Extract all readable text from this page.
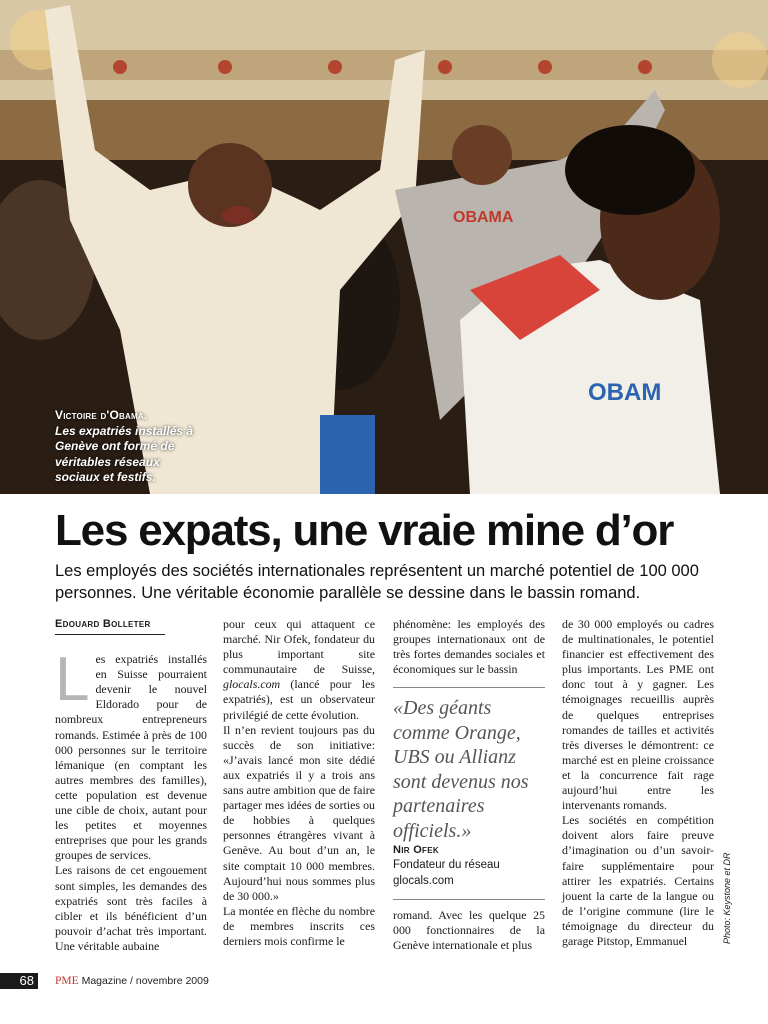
OBAMA
OBAM
Victoire d'Obama.
Les expatriés installés à Genève ont formé de véritables réseaux sociaux et festifs.
Les expats, une vraie mine d’or

Les employés des sociétés internationales représentent un marché potentiel de 100 000 personnes. Une véritable économie parallèle se dessine dans le bassin romand.

Edouard Bolleter

Les expatriés installés en Suisse pourraient devenir le nouvel Eldorado pour de nombreux entrepreneurs romands. Estimée à près de 100 000 personnes sur le territoire lémanique (en comptant les autres membres des familles), cette population est devenue une cible de choix, autant pour les petites et moyennes entreprises que pour les grands groupes de services.

Les raisons de cet engouement sont simples, les demandes des expatriés sont très faciles à cibler et ils bénéficient d’un pouvoir d’achat très important. Une véritable aubaine

pour ceux qui attaquent ce marché. Nir Ofek, fondateur du plus important site communautaire de Suisse, glocals.com (lancé pour les expatriés), est un observateur privilégié de cette évolution.

Il n’en revient toujours pas du succès de son initiative: «J’avais lancé mon site dédié aux expatriés il y a trois ans sans autre ambition que de faire partager mes idées de sorties ou de hobbies à quelques personnes étrangères vivant à Genève. Au bout d’un an, le site comptait 10 000 membres. Aujourd’hui nous sommes plus de 30 000.»

La montée en flèche du nombre de membres inscrits ces derniers mois confirme le

phénomène: les employés des groupes internationaux ont de très fortes demandes sociales et économiques sur le bassin

«Des géants comme Orange, UBS ou Allianz sont devenus nos partenaires officiels.»

Nir Ofek
Fondateur du réseau glocals.com

romand. Avec les quelque 25 000 fonctionnaires de la Genève internationale et plus

de 30 000 employés ou cadres de multinationales, le potentiel financier est effectivement des plus importants. Les PME ont donc tout à y gagner. Les témoignages recueillis auprès de quelques entreprises romandes de tailles et activités très diverses le démontrent: ce marché est en pleine croissance et la concurrence fait rage aujourd’hui entre les intervenants romands.

Les sociétés en compétition doivent alors faire preuve d’imagination ou d’un savoir-faire supplémentaire pour attirer les expatriés. Certains jouent la carte de la langue ou de l’origine commune (lire le témoignage du directeur du garage Pitstop, Emmanuel	Photo: Keystone et DR
68	PME Magazine / novembre 2009
